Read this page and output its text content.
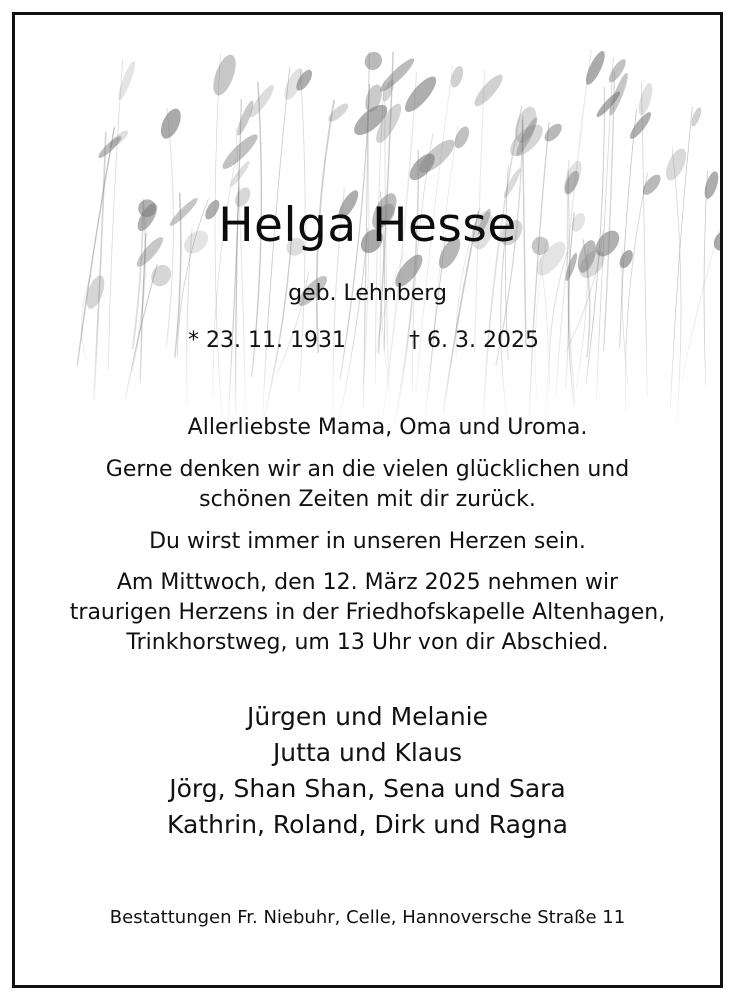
Helga Hesse
geb. Lehnberg
* 23. 11. 1931	† 6. 3. 2025
Allerliebste Mama, Oma und Uroma.
Gerne denken wir an die vielen glücklichen und
schönen Zeiten mit dir zurück.
Du wirst immer in unseren Herzen sein.
Am Mittwoch, den 12. März 2025 nehmen wir
traurigen Herzens in der Friedhofskapelle Altenhagen,
Trinkhorstweg, um 13 Uhr von dir Abschied.
Jürgen und Melanie
Jutta und Klaus
Jörg, Shan Shan, Sena und Sara
Kathrin, Roland, Dirk und Ragna
Bestattungen Fr. Niebuhr, Celle, Hannoversche Straße 11
